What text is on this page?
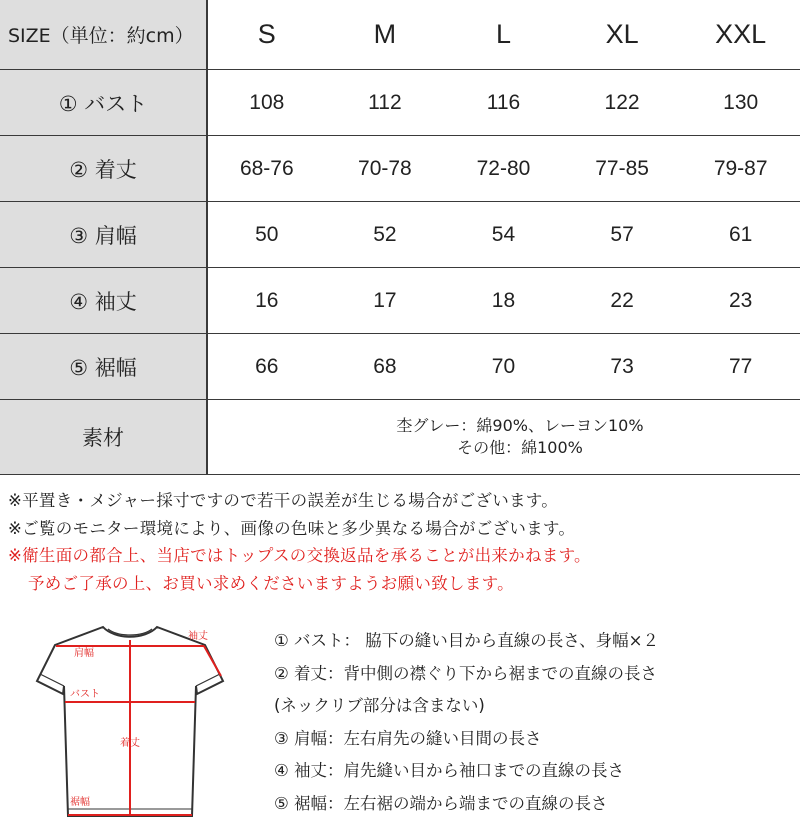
SIZE（単位：約cm）	S	M	L	XL	XXL
① バスト	108	112	116	122	130
② 着丈	68-76	70-78	72-80	77-85	79-87
③ 肩幅	50	52	54	57	61
④ 袖丈	16	17	18	22	23
⑤ 裾幅	66	68	70	73	77
素材	杢グレー：綿90%、レーヨン10%
その他：綿100%				
※平置き・メジャー採寸ですので若干の誤差が生じる場合がございます。
※ご覧のモニター環境により、画像の色味と多少異なる場合がございます。
※衛生面の都合上、当店ではトップスの交換返品を承ることが出来かねます。
予めご了承の上、お買い求めくださいますようお願い致します。
袖丈
肩幅
バスト
着丈
裾幅
① バスト： 脇下の縫い目から直線の長さ、身幅×２
② 着丈：背中側の襟ぐり下から裾までの直線の長さ
(ネックリブ部分は含まない)
③ 肩幅：左右肩先の縫い目間の長さ
④ 袖丈：肩先縫い目から袖口までの直線の長さ
⑤ 裾幅：左右裾の端から端までの直線の長さ
